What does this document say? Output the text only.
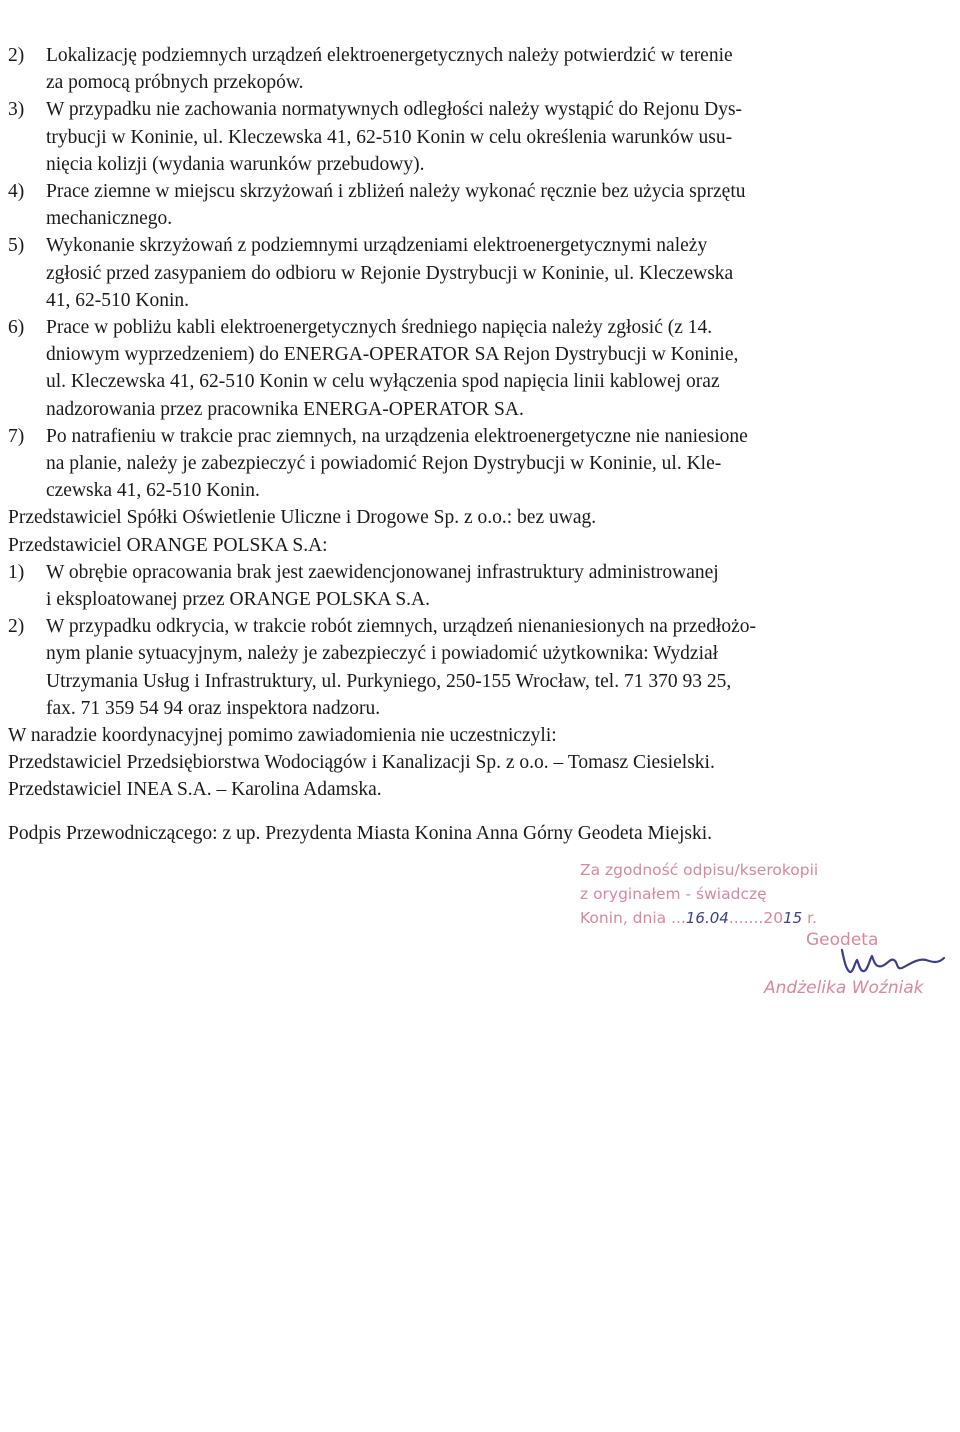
2) Lokalizację podziemnych urządzeń elektroenergetycznych należy potwierdzić w terenie
za pomocą próbnych przekopów.
3) W przypadku nie zachowania normatywnych odległości należy wystąpić do Rejonu Dys-
trybucji w Koninie, ul. Kleczewska 41, 62-510 Konin w celu określenia warunków usu-
nięcia kolizji (wydania warunków przebudowy).
4) Prace ziemne w miejscu skrzyżowań i zbliżeń należy wykonać ręcznie bez użycia sprzętu
mechanicznego.
5) Wykonanie skrzyżowań z podziemnymi urządzeniami elektroenergetycznymi należy
zgłosić przed zasypaniem do odbioru w Rejonie Dystrybucji w Koninie, ul. Kleczewska
41, 62-510 Konin.
6) Prace w pobliżu kabli elektroenergetycznych średniego napięcia należy zgłosić (z 14.
dniowym wyprzedzeniem) do ENERGA-OPERATOR SA Rejon Dystrybucji w Koninie,
ul. Kleczewska 41, 62-510 Konin w celu wyłączenia spod napięcia linii kablowej oraz
nadzorowania przez pracownika ENERGA-OPERATOR SA.
7) Po natrafieniu w trakcie prac ziemnych, na urządzenia elektroenergetyczne nie naniesione
na planie, należy je zabezpieczyć i powiadomić Rejon Dystrybucji w Koninie, ul. Kle-
czewska 41, 62-510 Konin.
Przedstawiciel Spółki Oświetlenie Uliczne i Drogowe Sp. z o.o.: bez uwag.
Przedstawiciel ORANGE POLSKA S.A:
1) W obrębie opracowania brak jest zaewidencjonowanej infrastruktury administrowanej
i eksploatowanej przez ORANGE POLSKA S.A.
2) W przypadku odkrycia, w trakcie robót ziemnych, urządzeń nienaniesionych na przedłożo-
nym planie sytuacyjnym, należy je zabezpieczyć i powiadomić użytkownika: Wydział
Utrzymania Usług i Infrastruktury, ul. Purkyniego, 250-155 Wrocław, tel. 71 370 93 25,
fax. 71 359 54 94 oraz inspektora nadzoru.
W naradzie koordynacyjnej pomimo zawiadomienia nie uczestniczyli:
Przedstawiciel Przedsiębiorstwa Wodociągów i Kanalizacji Sp. z o.o. – Tomasz Ciesielski.
Przedstawiciel INEA S.A. – Karolina Adamska.
Podpis Przewodniczącego: z up. Prezydenta Miasta Konina Anna Górny Geodeta Miejski.
Za zgodność odpisu/kserokopii
z oryginałem - świadczę
Konin, dnia ...16.04.......2015 r.
Geodeta
Andżelika Woźniak
